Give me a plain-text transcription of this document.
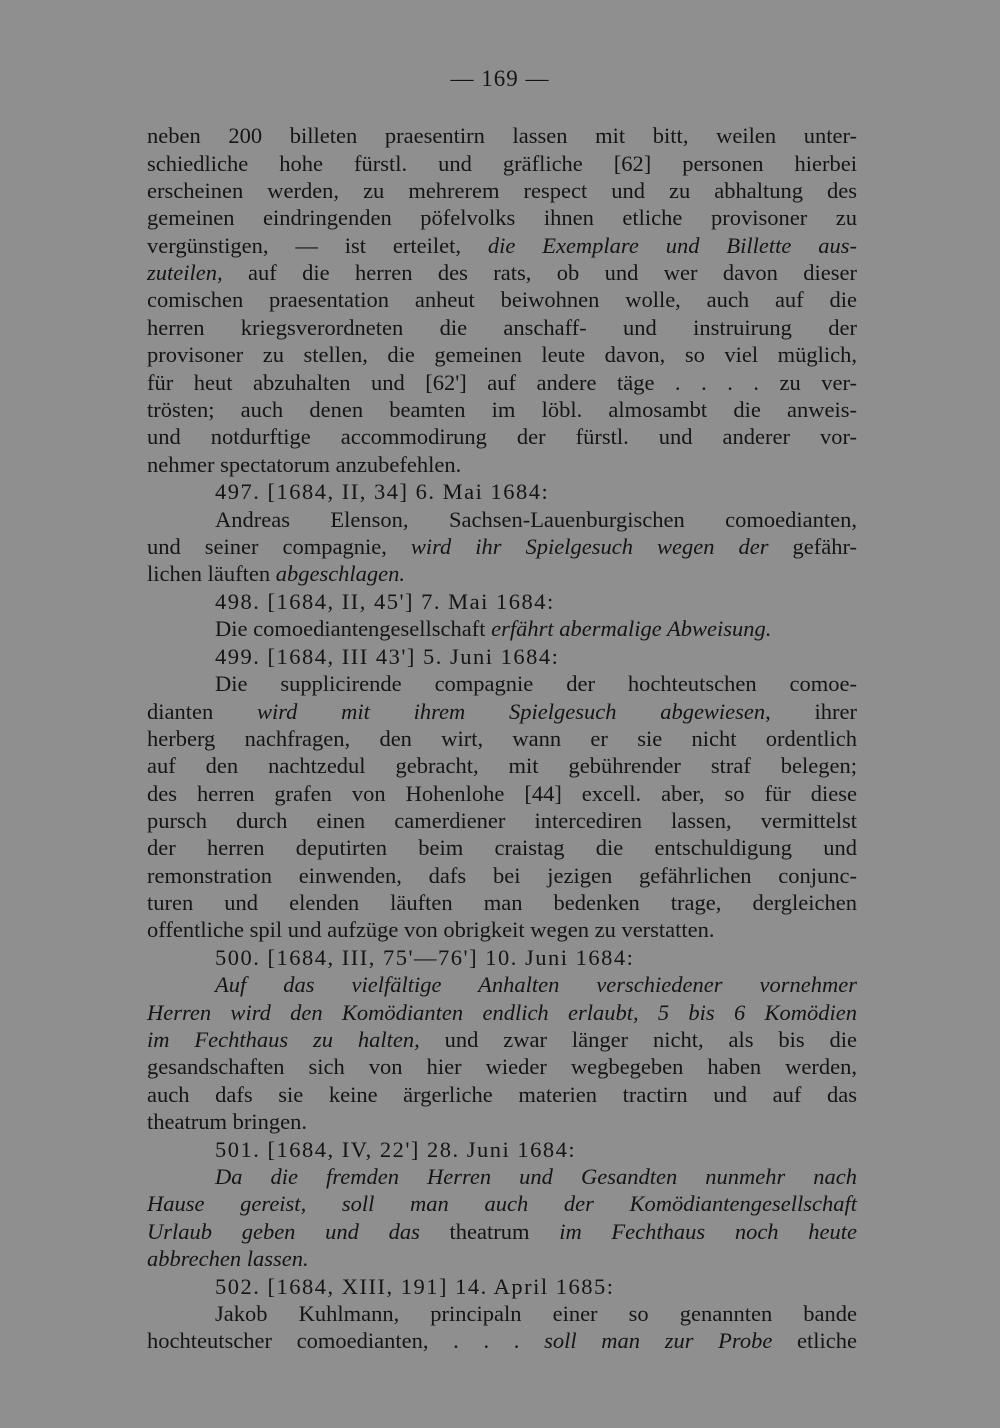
— 169 —
neben 200 billeten praesentirn lassen mit bitt, weilen unter-
schiedliche hohe fürstl. und gräfliche [62] personen hierbei
erscheinen werden, zu mehrerem respect und zu abhaltung des
gemeinen eindringenden pöfelvolks ihnen etliche provisoner zu
vergünstigen, — ist erteilet, die Exemplare und Billette aus-
zuteilen, auf die herren des rats, ob und wer davon dieser
comischen praesentation anheut beiwohnen wolle, auch auf die
herren kriegsverordneten die anschaff- und instruirung der
provisoner zu stellen, die gemeinen leute davon, so viel müglich,
für heut abzuhalten und [62'] auf andere täge . . . . zu ver-
trösten; auch denen beamten im löbl. almosambt die anweis-
und notdurftige accommodirung der fürstl. und anderer vor-
nehmer spectatorum anzubefehlen.
497. [1684, II, 34] 6. Mai 1684:
Andreas Elenson, Sachsen-Lauenburgischen comoedianten,
und seiner compagnie, wird ihr Spielgesuch wegen der gefähr-
lichen läuften abgeschlagen.
498. [1684, II, 45'] 7. Mai 1684:
Die comoediantengesellschaft erfährt abermalige Abweisung.
499. [1684, III 43'] 5. Juni 1684:
Die supplicirende compagnie der hochteutschen comoe-
dianten wird mit ihrem Spielgesuch abgewiesen, ihrer
herberg nachfragen, den wirt, wann er sie nicht ordentlich
auf den nachtzedul gebracht, mit gebührender straf belegen;
des herren grafen von Hohenlohe [44] excell. aber, so für diese
pursch durch einen camerdiener intercediren lassen, vermittelst
der herren deputirten beim craistag die entschuldigung und
remonstration einwenden, dafs bei jezigen gefährlichen conjunc-
turen und elenden läuften man bedenken trage, dergleichen
offentliche spil und aufzüge von obrigkeit wegen zu verstatten.
500. [1684, III, 75'—76'] 10. Juni 1684:
Auf das vielfältige Anhalten verschiedener vornehmer
Herren wird den Komödianten endlich erlaubt, 5 bis 6 Komödien
im Fechthaus zu halten, und zwar länger nicht, als bis die
gesandschaften sich von hier wieder wegbegeben haben werden,
auch dafs sie keine ärgerliche materien tractirn und auf das
theatrum bringen.
501. [1684, IV, 22'] 28. Juni 1684:
Da die fremden Herren und Gesandten nunmehr nach
Hause gereist, soll man auch der Komödiantengesellschaft
Urlaub geben und das theatrum im Fechthaus noch heute
abbrechen lassen.
502. [1684, XIII, 191] 14. April 1685:
Jakob Kuhlmann, principaln einer so genannten bande
hochteutscher comoedianten, . . . soll man zur Probe etliche
